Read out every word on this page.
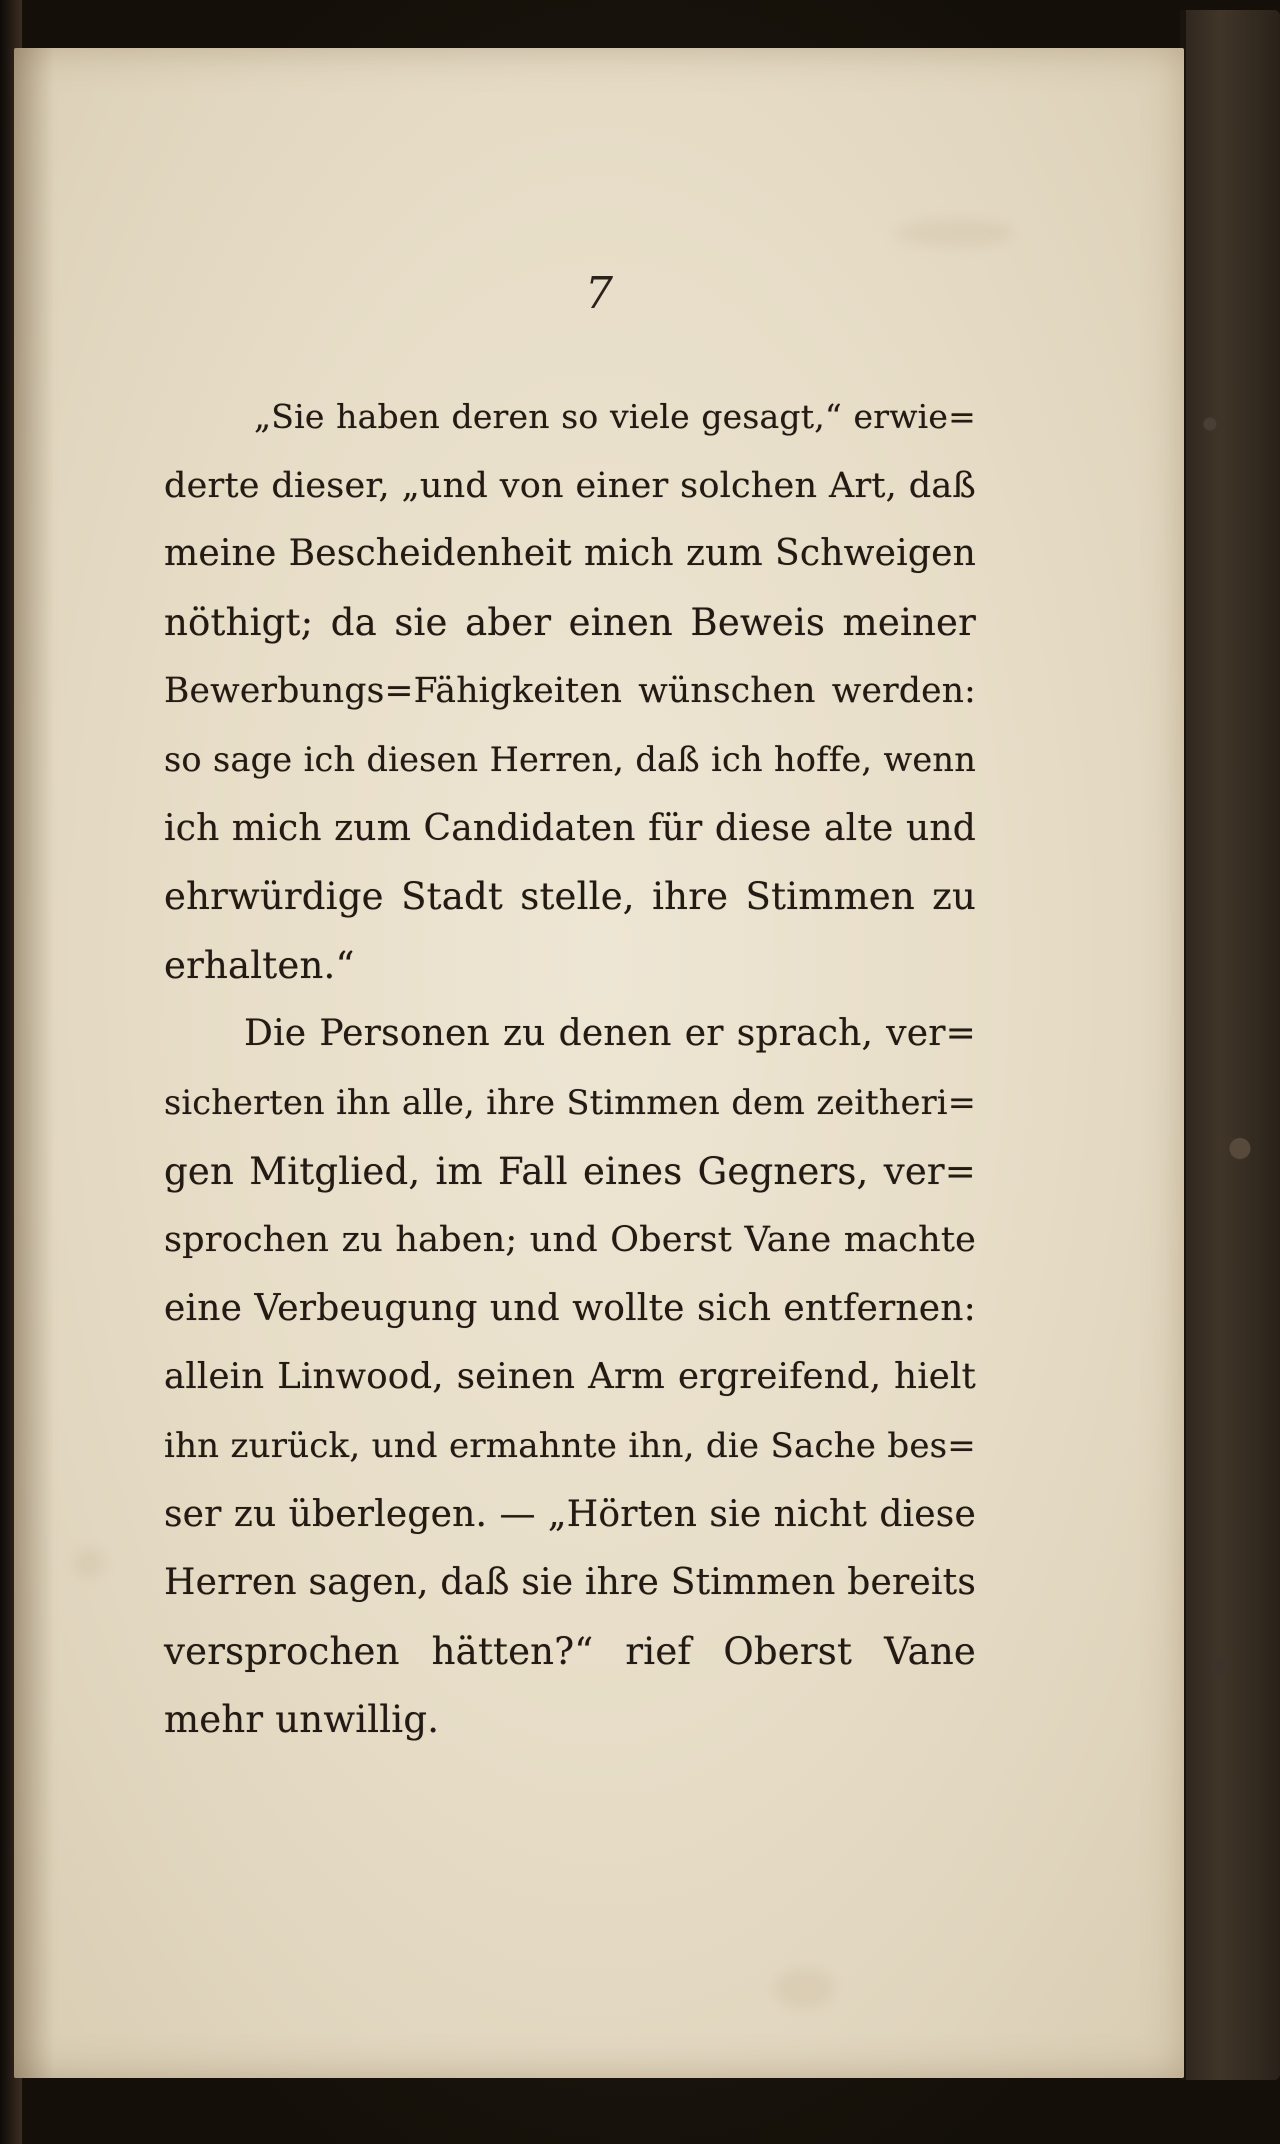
7
„Sie haben deren so viele gesagt,“ erwie=
derte dieser, „und von einer solchen Art, daß
meine Bescheidenheit mich zum Schweigen
nöthigt; da sie aber einen Beweis meiner
Bewerbungs=Fähigkeiten wünschen werden:
so sage ich diesen Herren, daß ich hoffe, wenn
ich mich zum Candidaten für diese alte und
ehrwürdige Stadt stelle, ihre Stimmen zu
erhalten.“
Die Personen zu denen er sprach, ver=
sicherten ihn alle, ihre Stimmen dem zeitheri=
gen Mitglied, im Fall eines Gegners, ver=
sprochen zu haben; und Oberst Vane machte
eine Verbeugung und wollte sich entfernen:
allein Linwood, seinen Arm ergreifend, hielt
ihn zurück, und ermahnte ihn, die Sache bes=
ser zu überlegen. — „Hörten sie nicht diese
Herren sagen, daß sie ihre Stimmen bereits
versprochen hätten?“ rief Oberst Vane
mehr unwillig.
